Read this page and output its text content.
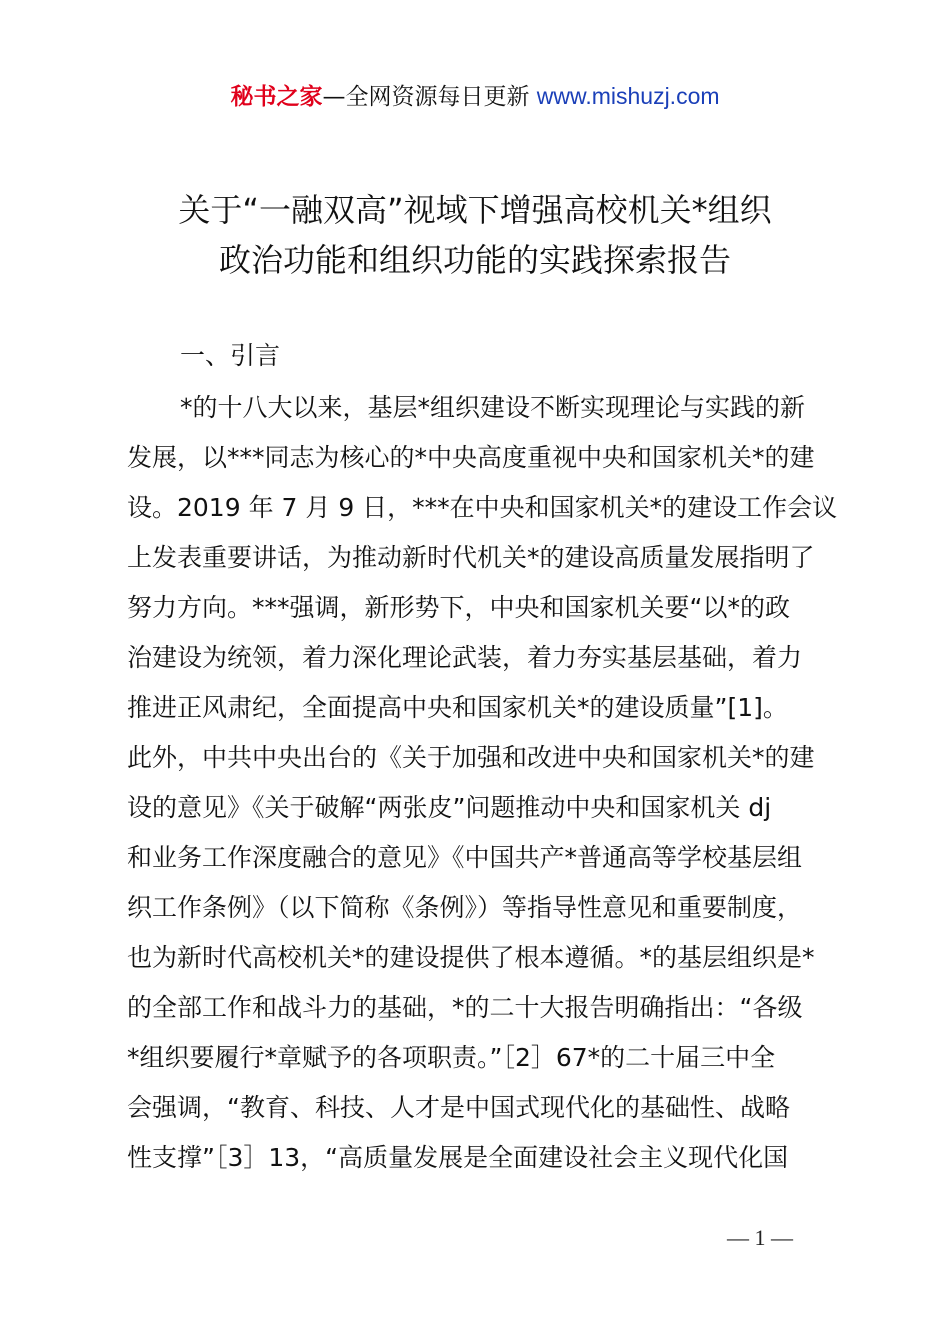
秘书之家—全网资源每日更新 www.mishuzj.com
关于“一融双高”视域下增强高校机关*组织
政治功能和组织功能的实践探索报告
一、引言
*的十八大以来，基层*组织建设不断实现理论与实践的新
发展，以***同志为核心的*中央高度重视中央和国家机关*的建
设。2019 年 7 月 9 日，***在中央和国家机关*的建设工作会议
上发表重要讲话，为推动新时代机关*的建设高质量发展指明了
努力方向。***强调，新形势下，中央和国家机关要“以*的政
治建设为统领，着力深化理论武装，着力夯实基层基础，着力
推进正风肃纪，全面提高中央和国家机关*的建设质量”[1]。
此外，中共中央出台的《关于加强和改进中央和国家机关*的建
设的意见》《关于破解“两张皮”问题推动中央和国家机关 dj
和业务工作深度融合的意见》《中国共产*普通高等学校基层组
织工作条例》（以下简称《条例》）等指导性意见和重要制度，
也为新时代高校机关*的建设提供了根本遵循。*的基层组织是*
的全部工作和战斗力的基础，*的二十大报告明确指出：“各级
*组织要履行*章赋予的各项职责。”［2］67*的二十届三中全
会强调，“教育、科技、人才是中国式现代化的基础性、战略
性支撑”［3］13，“高质量发展是全面建设社会主义现代化国
— 1 —
